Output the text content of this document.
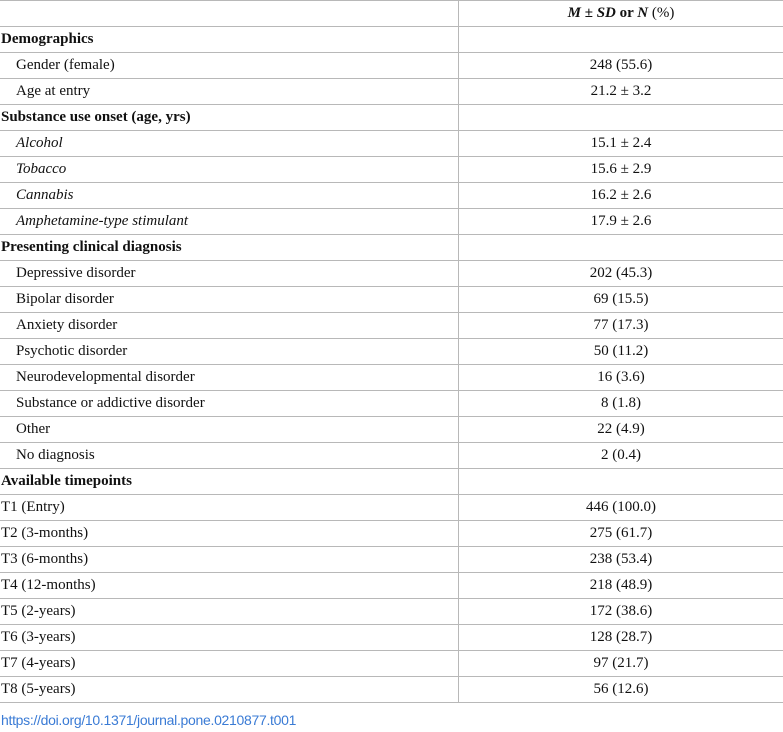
	M ± SD or N (%)
Demographics	
Gender (female)	248 (55.6)
Age at entry	21.2 ± 3.2
Substance use onset (age, yrs)	
Alcohol	15.1 ± 2.4
Tobacco	15.6 ± 2.9
Cannabis	16.2 ± 2.6
Amphetamine-type stimulant	17.9 ± 2.6
Presenting clinical diagnosis	
Depressive disorder	202 (45.3)
Bipolar disorder	69 (15.5)
Anxiety disorder	77 (17.3)
Psychotic disorder	50 (11.2)
Neurodevelopmental disorder	16 (3.6)
Substance or addictive disorder	8 (1.8)
Other	22 (4.9)
No diagnosis	2 (0.4)
Available timepoints	
T1 (Entry)	446 (100.0)
T2 (3-months)	275 (61.7)
T3 (6-months)	238 (53.4)
T4 (12-months)	218 (48.9)
T5 (2-years)	172 (38.6)
T6 (3-years)	128 (28.7)
T7 (4-years)	97 (21.7)
T8 (5-years)	56 (12.6)
https://doi.org/10.1371/journal.pone.0210877.t001
